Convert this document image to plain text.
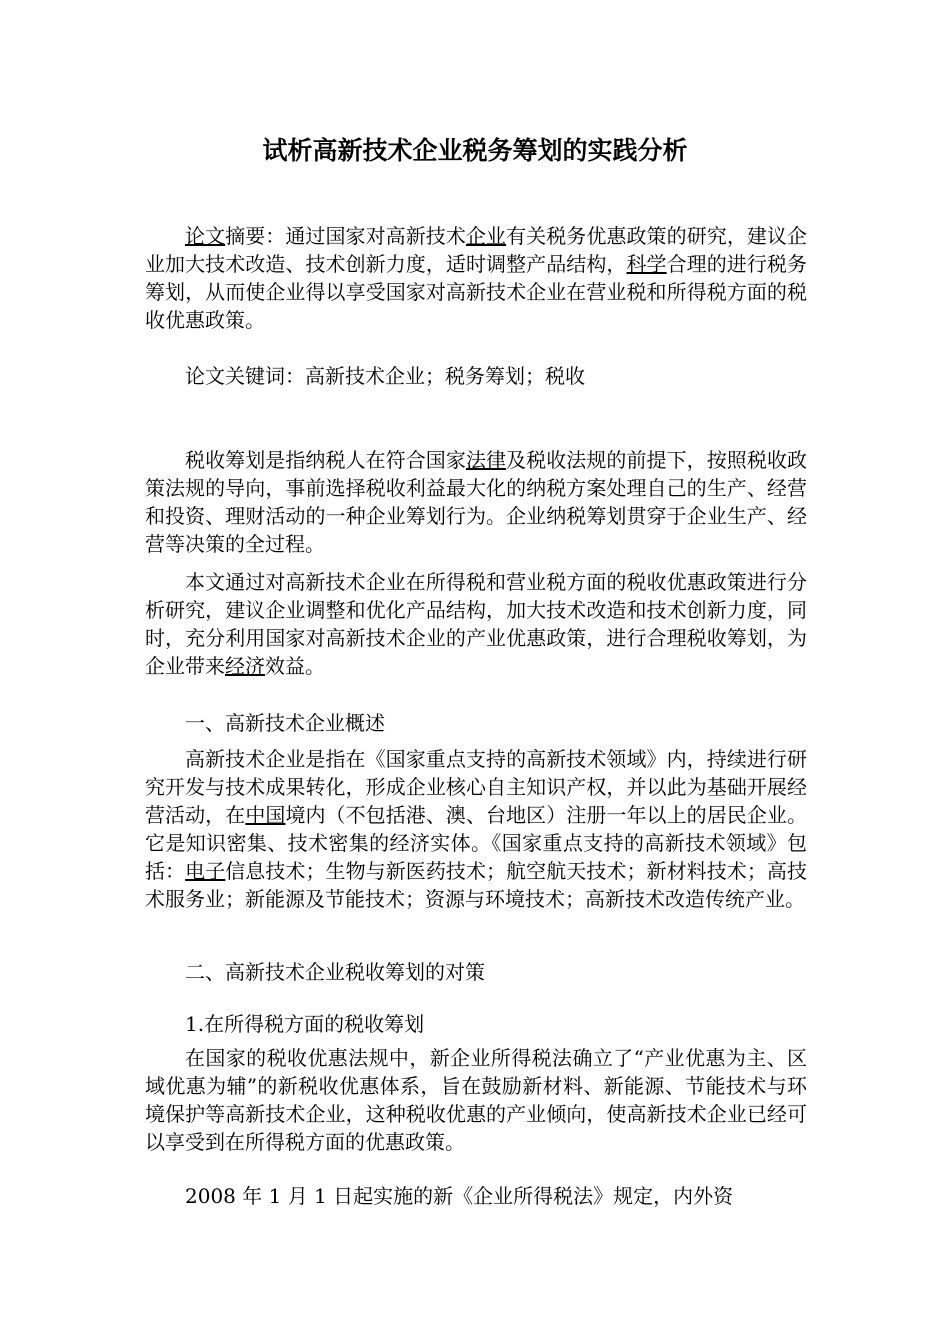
试析高新技术企业税务筹划的实践分析

论文摘要：通过国家对高新技术企业有关税务优惠政策的研究，建议企业加大技术改造、技术创新力度，适时调整产品结构，科学合理的进行税务筹划，从而使企业得以享受国家对高新技术企业在营业税和所得税方面的税收优惠政策。

论文关键词：高新技术企业；税务筹划；税收

税收筹划是指纳税人在符合国家法律及税收法规的前提下，按照税收政策法规的导向，事前选择税收利益最大化的纳税方案处理自己的生产、经营和投资、理财活动的一种企业筹划行为。企业纳税筹划贯穿于企业生产、经营等决策的全过程。

本文通过对高新技术企业在所得税和营业税方面的税收优惠政策进行分析研究，建议企业调整和优化产品结构，加大技术改造和技术创新力度，同时，充分利用国家对高新技术企业的产业优惠政策，进行合理税收筹划，为企业带来经济效益。

一、高新技术企业概述

高新技术企业是指在《国家重点支持的高新技术领域》内，持续进行研究开发与技术成果转化，形成企业核心自主知识产权，并以此为基础开展经营活动，在中国境内（不包括港、澳、台地区）注册一年以上的居民企业。它是知识密集、技术密集的经济实体。《国家重点支持的高新技术领域》包括：电子信息技术；生物与新医药技术；航空航天技术；新材料技术；高技术服务业；新能源及节能技术；资源与环境技术；高新技术改造传统产业。

二、高新技术企业税收筹划的对策

1.在所得税方面的税收筹划

在国家的税收优惠法规中，新企业所得税法确立了“产业优惠为主、区域优惠为辅”的新税收优惠体系，旨在鼓励新材料、新能源、节能技术与环境保护等高新技术企业，这种税收优惠的产业倾向，使高新技术企业已经可以享受到在所得税方面的优惠政策。

2008 年 1 月 1 日起实施的新《企业所得税法》规定，内外资
